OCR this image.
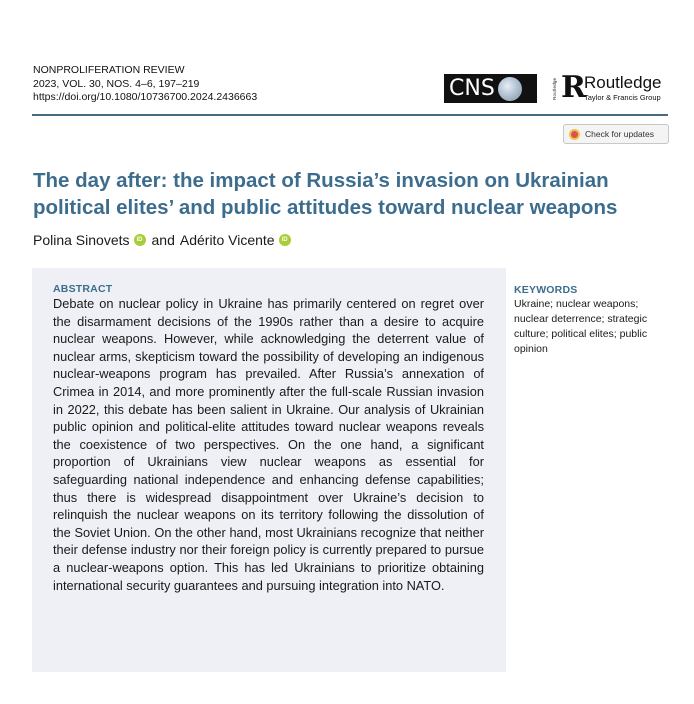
NONPROLIFERATION REVIEW
2023, VOL. 30, NOS. 4–6, 197–219
https://doi.org/10.1080/10736700.2024.2436663	CNS	Routledge R
Routledge
Taylor & Francis Group
Check for updates
The day after: the impact of Russia’s invasion on Ukrainian political elites’ and public attitudes toward nuclear weapons
Polina Sinovets	iD and Adérito Vicente	iD
ABSTRACT

Debate on nuclear policy in Ukraine has primarily centered on regret over the disarmament decisions of the 1990s rather than a desire to acquire nuclear weapons. However, while acknowledging the deterrent value of nuclear arms, skepticism toward the possibility of developing an indigenous nuclear-weapons program has prevailed. After Russia’s annexation of Crimea in 2014, and more prominently after the full-scale Russian invasion in 2022, this debate has been salient in Ukraine. Our analysis of Ukrainian public opinion and political-elite attitudes toward nuclear weapons reveals the coexistence of two perspectives. On the one hand, a significant proportion of Ukrainians view nuclear weapons as essential for safeguarding national independence and enhancing defense capabilities; thus there is widespread disappointment over Ukraine’s decision to relinquish the nuclear weapons on its territory following the dissolution of the Soviet Union. On the other hand, most Ukrainians recognize that neither their defense industry nor their foreign policy is currently prepared to pursue a nuclear-weapons option. This has led Ukrainians to prioritize obtaining international security guarantees and pursuing integration into NATO.

KEYWORDS
Ukraine; nuclear weapons; nuclear deterrence; strategic culture; political elites; public opinion
